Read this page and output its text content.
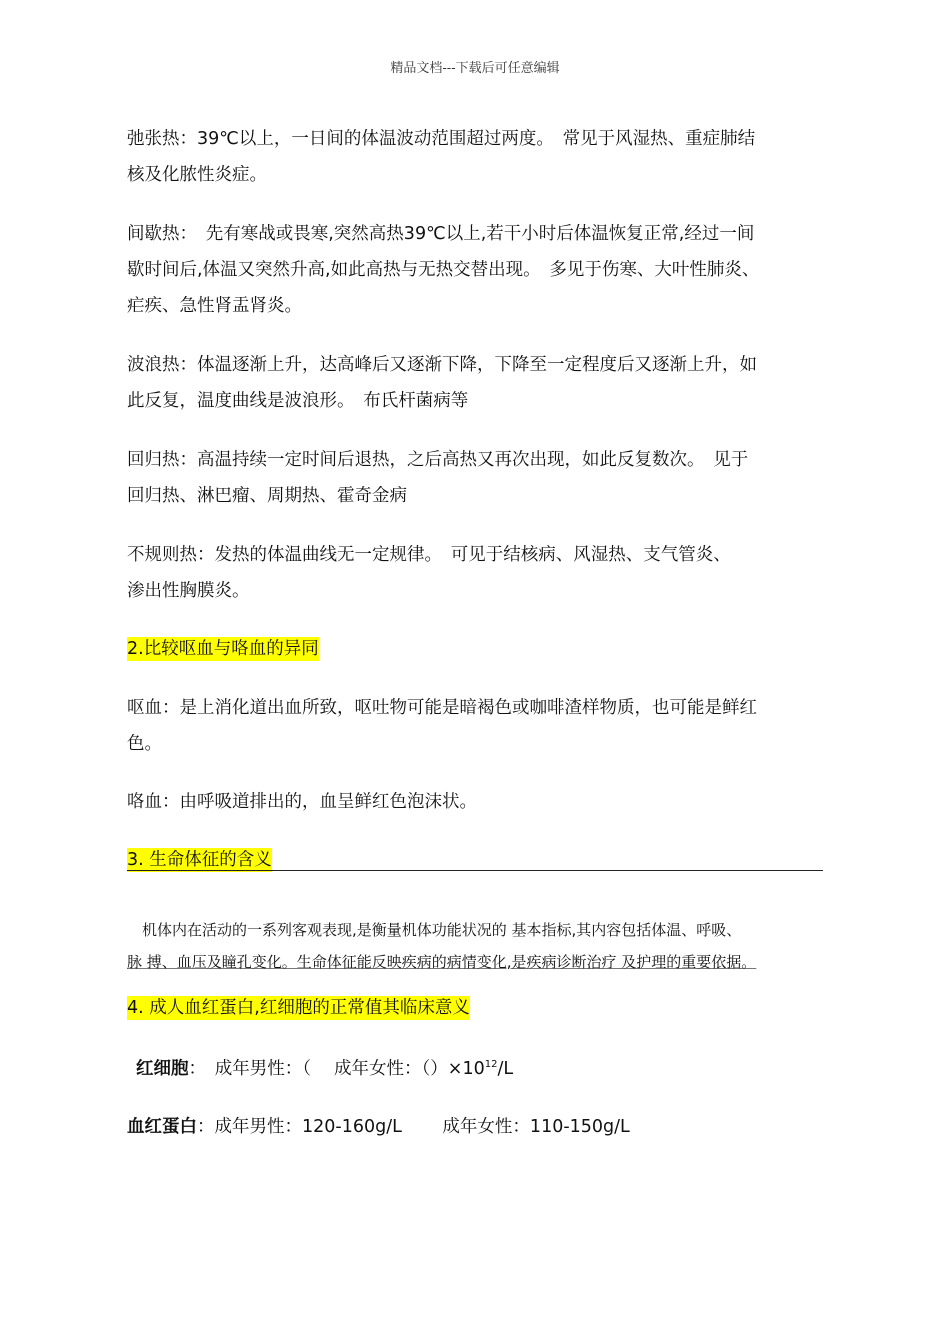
精品文档---下载后可任意编辑
弛张热：39℃以上，一日间的体温波动范围超过两度。　常见于风湿热、重症肺结
核及化脓性炎症。
间歇热：　先有寒战或畏寒,突然高热39℃以上,若干小时后体温恢复正常,经过一间
歇时间后,体温又突然升高,如此高热与无热交替出现。　多见于伤寒、大叶性肺炎、
疟疾、急性肾盂肾炎。
波浪热：体温逐渐上升，达高峰后又逐渐下降，下降至一定程度后又逐渐上升，如
此反复，温度曲线是波浪形。　布氏杆菌病等
回归热：高温持续一定时间后退热，之后高热又再次出现，如此反复数次。　见于
回归热、淋巴瘤、周期热、霍奇金病
不规则热：发热的体温曲线无一定规律。　可见于结核病、风湿热、支气管炎、
渗出性胸膜炎。
2.比较呕血与咯血的异同
呕血：是上消化道出血所致，呕吐物可能是暗褐色或咖啡渣样物质，也可能是鲜红
色。
咯血：由呼吸道排出的，血呈鲜红色泡沫状。
3. 生命体征的含义
　机体内在活动的一系列客观表现,是衡量机体功能状况的 基本指标,其内容包括体温、呼吸、
脉 搏、血压及瞳孔变化。生命体征能反映疾病的病情变化,是疾病诊断治疗 及护理的重要依据。
4. 成人血红蛋白,红细胞的正常值其临床意义
红细胞：　成年男性：（　 成年女性：$()\times 10^{12}/L$
血红蛋白：成年男性：120-160g/L　　 成年女性：110-150g/L
